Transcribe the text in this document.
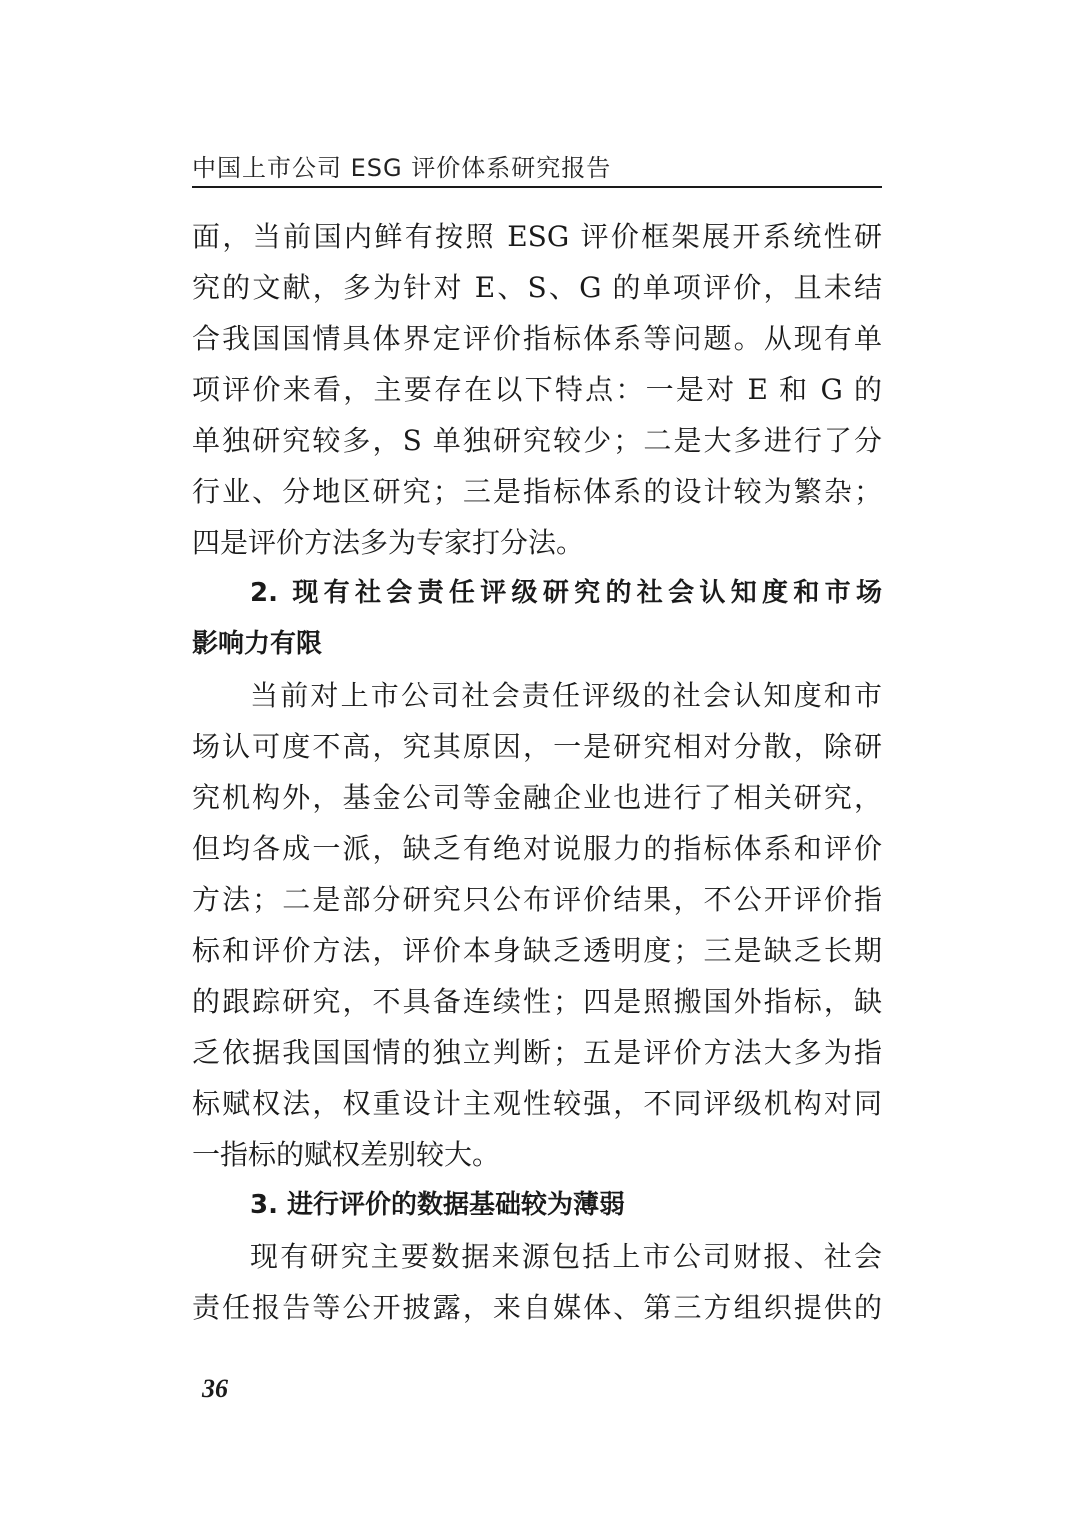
中国上市公司 ESG 评价体系研究报告
面，当前国内鲜有按照 ESG 评价框架展开系统性研
究的文献，多为针对 E、S、G 的单项评价，且未结
合我国国情具体界定评价指标体系等问题。从现有单
项评价来看，主要存在以下特点：一是对 E 和 G 的
单独研究较多，S 单独研究较少；二是大多进行了分
行业、分地区研究；三是指标体系的设计较为繁杂；
四是评价方法多为专家打分法。
2. 现有社会责任评级研究的社会认知度和市场
影响力有限
当前对上市公司社会责任评级的社会认知度和市
场认可度不高，究其原因，一是研究相对分散，除研
究机构外，基金公司等金融企业也进行了相关研究，
但均各成一派，缺乏有绝对说服力的指标体系和评价
方法；二是部分研究只公布评价结果，不公开评价指
标和评价方法，评价本身缺乏透明度；三是缺乏长期
的跟踪研究，不具备连续性；四是照搬国外指标，缺
乏依据我国国情的独立判断；五是评价方法大多为指
标赋权法，权重设计主观性较强，不同评级机构对同
一指标的赋权差别较大。
3. 进行评价的数据基础较为薄弱
现有研究主要数据来源包括上市公司财报、社会
责任报告等公开披露，来自媒体、第三方组织提供的
36
